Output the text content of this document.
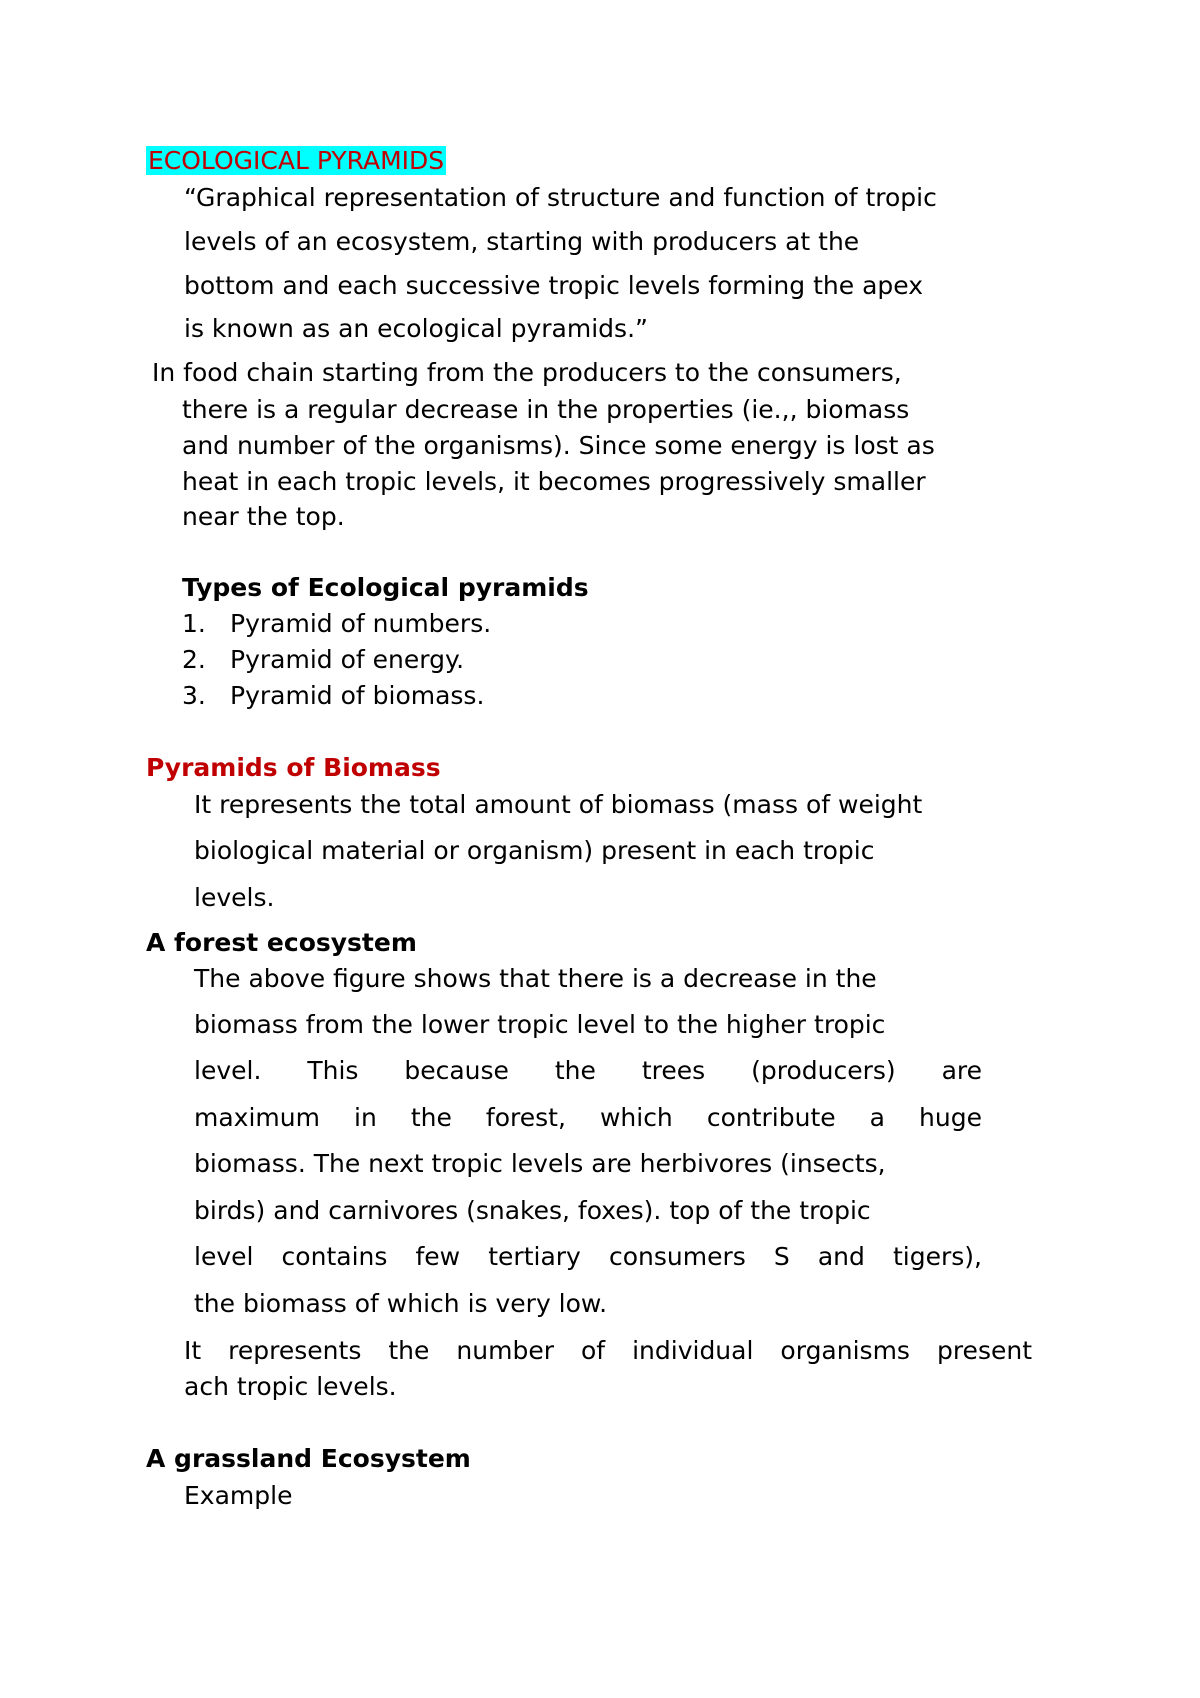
ECOLOGICAL PYRAMIDS
“Graphical representation of structure and function of tropic
levels of an ecosystem, starting with producers at the
bottom and each successive tropic levels forming the apex
is known as an ecological pyramids.”
In food chain starting from the producers to the consumers,
there is a regular decrease in the properties (ie.,, biomass
and number of the organisms). Since some energy is lost as
heat in each tropic levels, it becomes progressively smaller
near the top.
Types of Ecological pyramids
1. Pyramid of numbers.
2. Pyramid of energy.
3. Pyramid of biomass.
Pyramids of Biomass
It represents the total amount of biomass (mass of weight
biological material or organism) present in each tropic
levels.
A forest ecosystem
The above figure shows that there is a decrease in the
biomass from the lower tropic level to the higher tropic
level. This because the trees (producers) are
maximum in the forest, which contribute a huge
biomass. The next tropic levels are herbivores (insects,
birds) and carnivores (snakes, foxes). top of the tropic
level contains few tertiary consumers S and tigers),
the biomass of which is very low.
It represents the number of individual organisms present
ach tropic levels.
A grassland Ecosystem
Example
